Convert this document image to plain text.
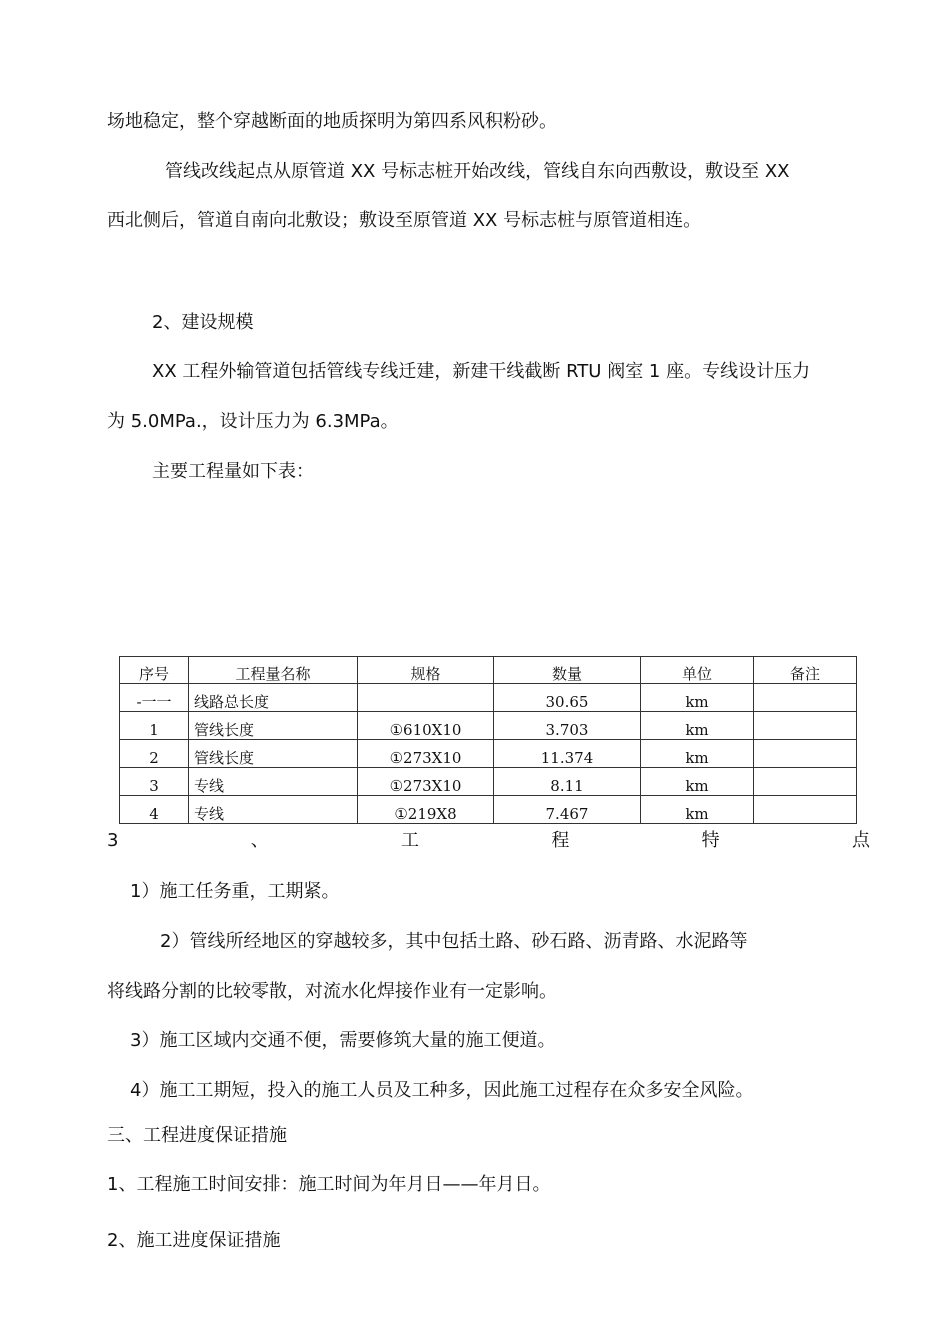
场地稳定，整个穿越断面的地质探明为第四系风积粉砂。
管线改线起点从原管道 XX 号标志桩开始改线，管线自东向西敷设，敷设至 XX
西北侧后，管道自南向北敷设；敷设至原管道 XX 号标志桩与原管道相连。
2、建设规模
XX 工程外输管道包括管线专线迁建，新建干线截断 RTU 阀室 1 座。专线设计压力
为 5.0MPa.，设计压力为 6.3MPa。
主要工程量如下表：
序号	工程量名称	规格	数量	单位	备注
-一一	线路总长度		30.65	km	
1	管线长度	①610X10	3.703	km	
2	管线长度	①273X10	11.374	km	
3	专线	①273X10	8.11	km	
4	专线	①219X8	7.467	km	
3	、	工	程	特	点
1）施工任务重，工期紧。
2）管线所经地区的穿越较多，其中包括土路、砂石路、沥青路、水泥路等
将线路分割的比较零散，对流水化焊接作业有一定影响。
3）施工区域内交通不便，需要修筑大量的施工便道。
4）施工工期短，投入的施工人员及工种多，因此施工过程存在众多安全风险。
三、工程进度保证措施
1、工程施工时间安排：施工时间为年月日——年月日。
2、施工进度保证措施
